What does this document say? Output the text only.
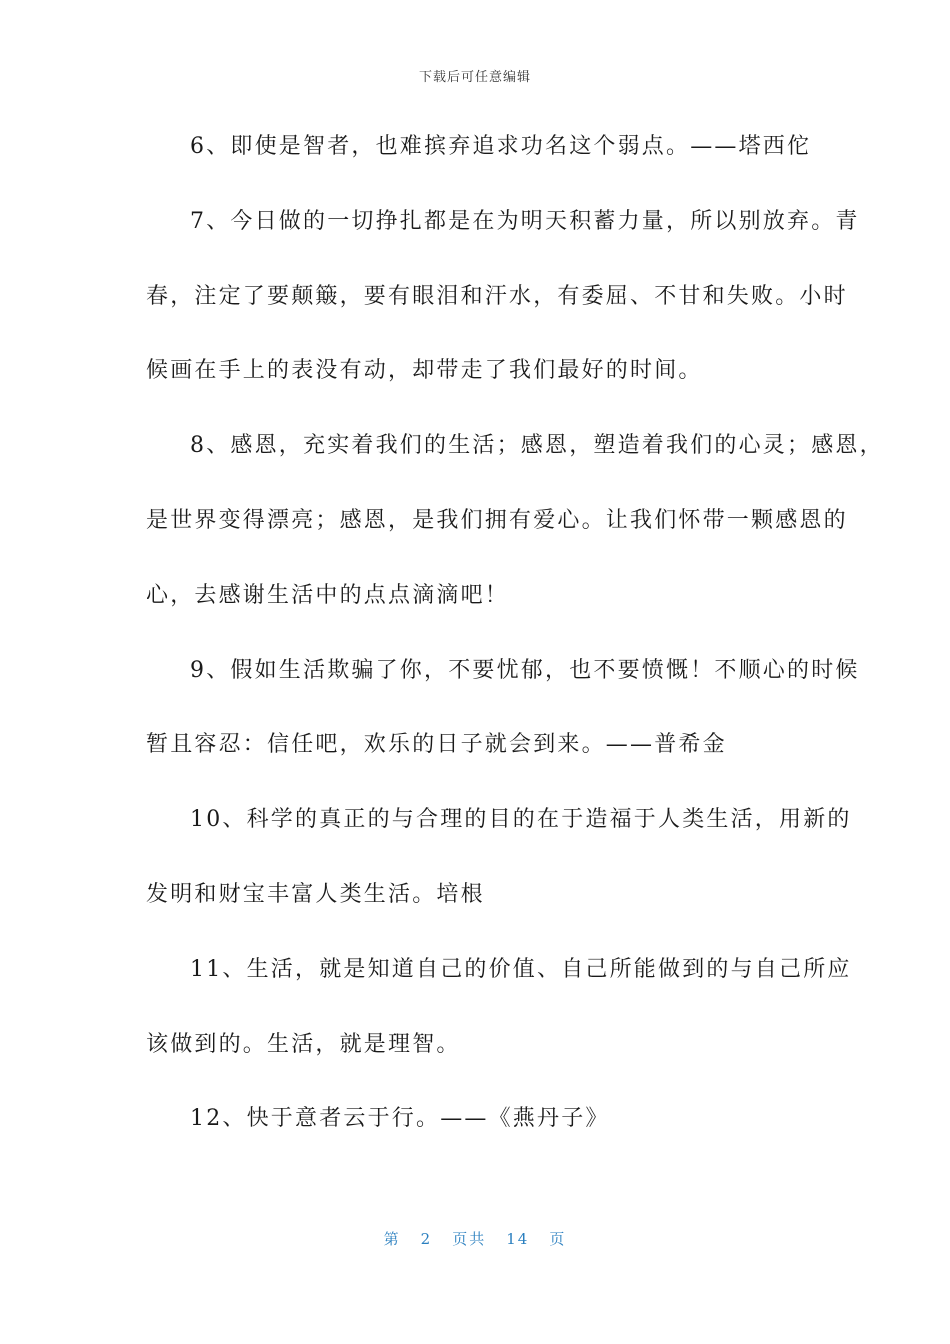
下载后可任意编辑
6、即使是智者，也难摈弃追求功名这个弱点。——塔西佗
7、今日做的一切挣扎都是在为明天积蓄力量，所以别放弃。青
春，注定了要颠簸，要有眼泪和汗水，有委屈、不甘和失败。小时
候画在手上的表没有动，却带走了我们最好的时间。
8、感恩，充实着我们的生活；感恩，塑造着我们的心灵；感恩，
是世界变得漂亮；感恩，是我们拥有爱心。让我们怀带一颗感恩的
心，去感谢生活中的点点滴滴吧！
9、假如生活欺骗了你，不要忧郁，也不要愤慨！不顺心的时候
暂且容忍：信任吧，欢乐的日子就会到来。——普希金
10、科学的真正的与合理的目的在于造福于人类生活，用新的
发明和财宝丰富人类生活。培根
11、生活，就是知道自己的价值、自己所能做到的与自己所应
该做到的。生活，就是理智。
12、快于意者云于行。——《燕丹子》
第 2 页共 14 页
